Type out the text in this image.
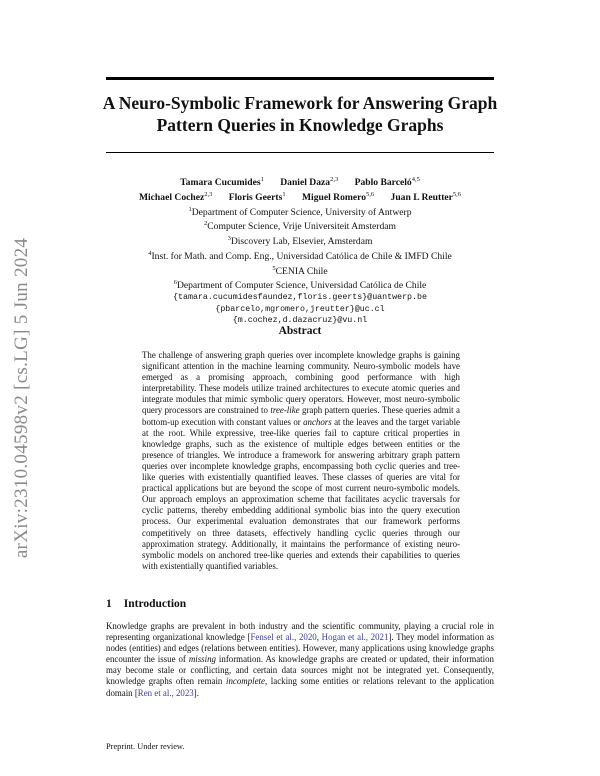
arXiv:2310.04598v2 [cs.LG] 5 Jun 2024
A Neuro-Symbolic Framework for Answering Graph
Pattern Queries in Knowledge Graphs
Tamara Cucumides$^1$ Daniel Daza$^{2,3}$ Pablo Barceló$^{4,5}$
Michael Cochez$^{2,3}$ Floris Geerts$^1$ Miguel Romero$^{5,6}$ Juan L Reutter$^{5,6}$
$^1$Department of Computer Science, University of Antwerp
$^2$Computer Science, Vrije Universiteit Amsterdam
$^3$Discovery Lab, Elsevier, Amsterdam
$^4$Inst. for Math. and Comp. Eng., Universidad Católica de Chile & IMFD Chile
$^5$CENIA Chile
$^6$Department of Computer Science, Universidad Católica de Chile
{tamara.cucumidesfaundez,floris.geerts}@uantwerp.be
{pbarcelo,mgromero,jreutter}@uc.cl
{m.cochez,d.dazacruz}@vu.nl
Abstract

The challenge of answering graph queries over incomplete knowledge graphs is gaining significant attention in the machine learning community. Neuro-symbolic models have emerged as a promising approach, combining good performance with high interpretability. These models utilize trained architectures to execute atomic queries and integrate modules that mimic symbolic query operators. However, most neuro-symbolic query processors are constrained to tree-like graph pattern queries. These queries admit a bottom-up execution with constant values or anchors at the leaves and the target variable at the root. While expressive, tree-like queries fail to capture critical properties in knowledge graphs, such as the existence of multiple edges between entities or the presence of triangles. We introduce a framework for answering arbitrary graph pattern queries over incomplete knowledge graphs, encompassing both cyclic queries and tree-like queries with existentially quantified leaves. These classes of queries are vital for practical applications but are beyond the scope of most current neuro-symbolic models. Our approach employs an approximation scheme that facilitates acyclic traversals for cyclic patterns, thereby embedding additional symbolic bias into the query execution process. Our experimental evaluation demonstrates that our framework performs competitively on three datasets, effectively handling cyclic queries through our approximation strategy. Additionally, it maintains the performance of existing neuro-symbolic models on anchored tree-like queries and extends their capabilities to queries with existentially quantified variables.

1 Introduction

Knowledge graphs are prevalent in both industry and the scientific community, playing a crucial role in representing organizational knowledge [Fensel et al., 2020, Hogan et al., 2021]. They model information as nodes (entities) and edges (relations between entities). However, many applications using knowledge graphs encounter the issue of missing information. As knowledge graphs are created or updated, their information may become stale or conflicting, and certain data sources might not be integrated yet. Consequently, knowledge graphs often remain incomplete, lacking some entities or relations relevant to the application domain [Ren et al., 2023].

Preprint. Under review.
